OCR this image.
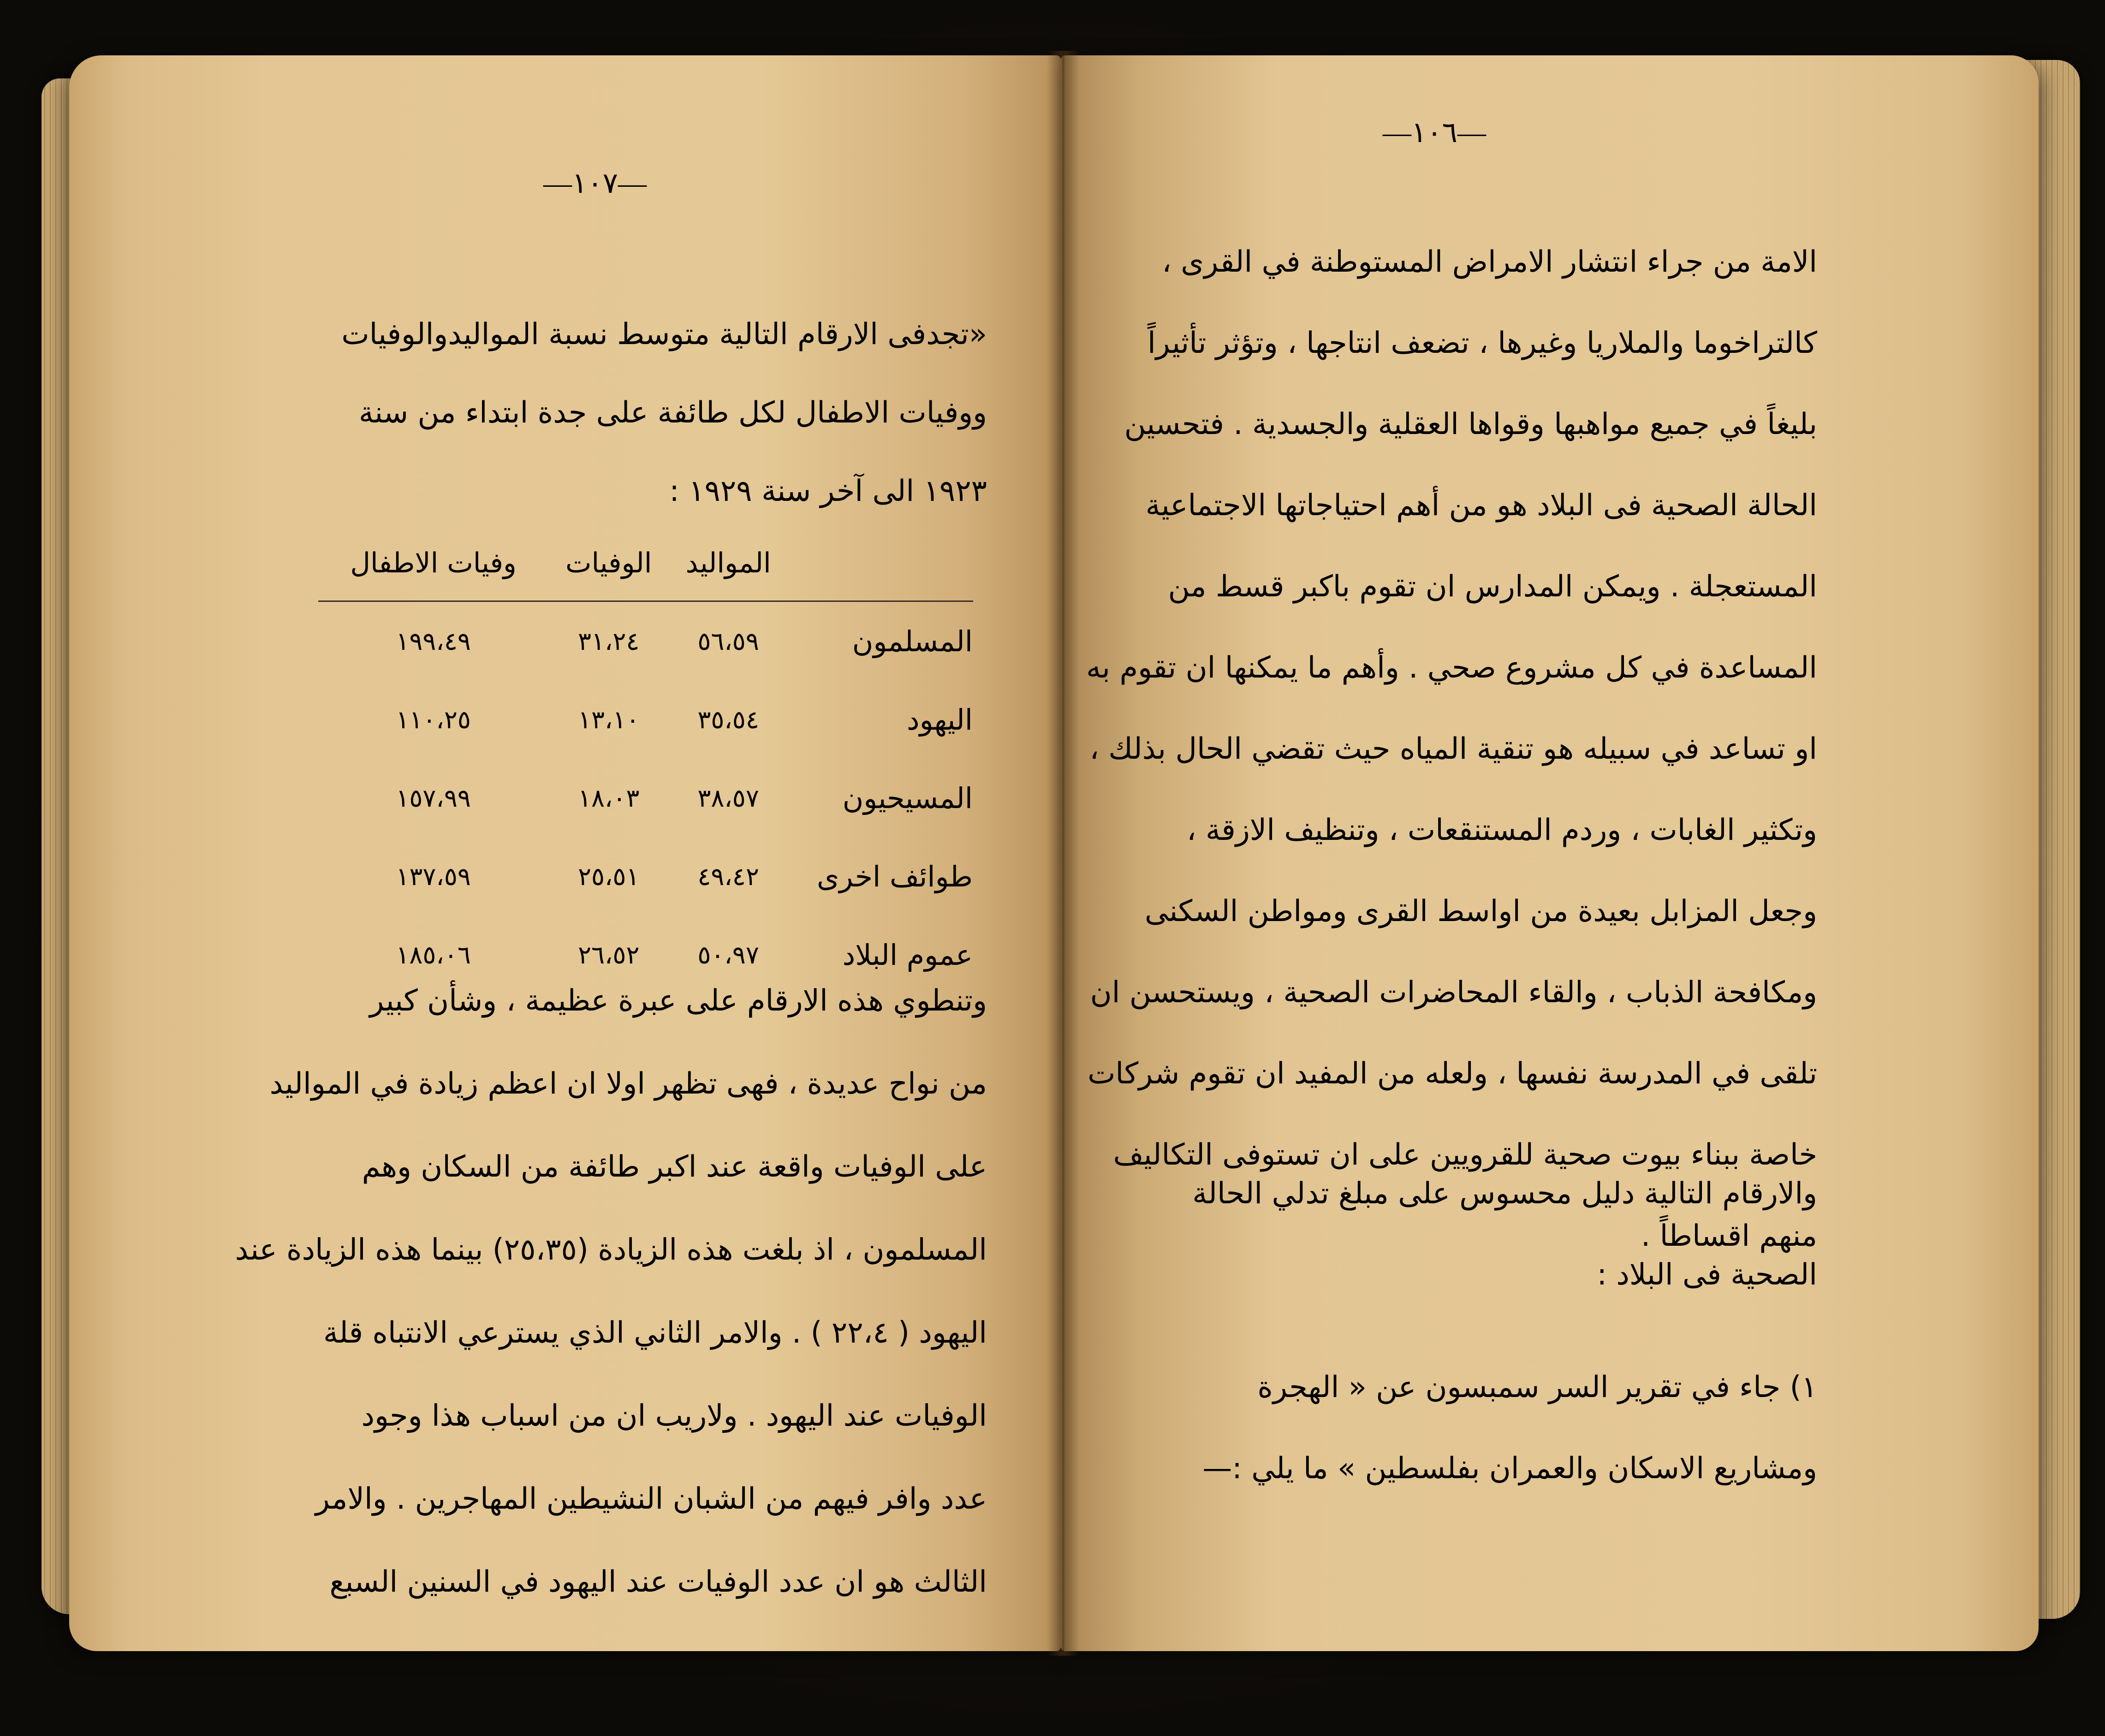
—١٠٧—
«تجدفى الارقام التالية متوسط نسبة المواليدوالوفيات
ووفيات الاطفال لكل طائفة على جدة ابتداء من سنة
١٩٢٣ الى آخر سنة ١٩٢٩ :
	المواليد	الوفيات	وفيات الاطفال
المسلمون	٥٦،٥٩	٣١،٢٤	١٩٩،٤٩
اليهود	٣٥،٥٤	١٣،١٠	١١٠،٢٥
المسيحيون	٣٨،٥٧	١٨،٠٣	١٥٧،٩٩
طوائف اخرى	٤٩،٤٢	٢٥،٥١	١٣٧،٥٩
عموم البلاد	٥٠،٩٧	٢٦،٥٢	١٨٥،٠٦
وتنطوي هذه الارقام على عبرة عظيمة ، وشأن كبير
من نواح عديدة ، فهى تظهر اولا ان اعظم زيادة في المواليد
على الوفيات واقعة عند اكبر طائفة من السكان وهم
المسلمون ، اذ بلغت هذه الزيادة (٢٥،٣٥) بينما هذه الزيادة عند
اليهود ( ٢٢،٤ ) . والامر الثاني الذي يسترعي الانتباه قلة
الوفيات عند اليهود . ولاريب ان من اسباب هذا وجود
عدد وافر فيهم من الشبان النشيطين المهاجرين . والامر
الثالث هو ان عدد الوفيات عند اليهود في السنين السبع
—١٠٦—
الامة من جراء انتشار الامراض المستوطنة في القرى ،
كالتراخوما والملاريا وغيرها ، تضعف انتاجها ، وتؤثر تأثيراً
بليغاً في جميع مواهبها وقواها العقلية والجسدية . فتحسين
الحالة الصحية فى البلاد هو من أهم احتياجاتها الاجتماعية
المستعجلة . ويمكن المدارس ان تقوم باكبر قسط من
المساعدة في كل مشروع صحي . وأهم ما يمكنها ان تقوم به
او تساعد في سبيله هو تنقية المياه حيث تقضي الحال بذلك ،
وتكثير الغابات ، وردم المستنقعات ، وتنظيف الازقة ،
وجعل المزابل بعيدة من اواسط القرى ومواطن السكنى
ومكافحة الذباب ، والقاء المحاضرات الصحية ، ويستحسن ان
تلقى في المدرسة نفسها ، ولعله من المفيد ان تقوم شركات
خاصة ببناء بيوت صحية للقرويين على ان تستوفى التكاليف
منهم اقساطاً .
والارقام التالية دليل محسوس على مبلغ تدلي الحالة
الصحية فى البلاد :
١) جاء في تقرير السر سمبسون عن « الهجرة
ومشاريع الاسكان والعمران بفلسطين » ما يلي :—
